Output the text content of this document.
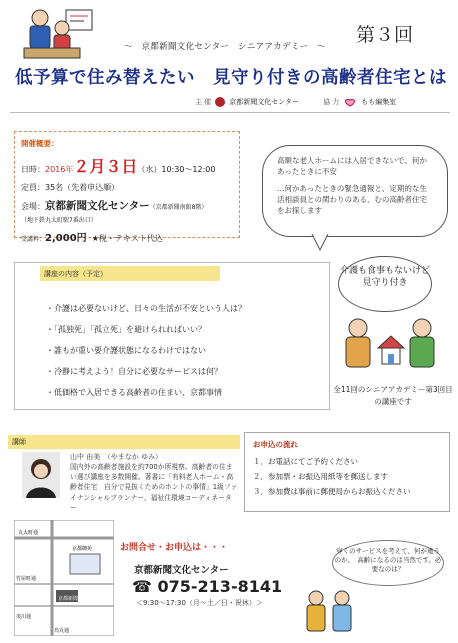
～　京都新聞文化センター　シニアアカデミー　～
第３回
低予算で住み替えたい　見守り付きの高齢者住宅とは
主 催	京都新聞文化センター	協 力	もも編集室
開催概要：
日時：2016年２月３日（水）10:30～12:00
定員：35名（先着申込順）
会場：京都新聞文化センター（京都新聞南館8階）
（地下鉄丸太町駅7番出口）
受講料：2,000円 ★税・テキスト代込

高額な老人ホームには入居できないで、何かあったときに不安

…何かあったときの緊急通報と、定期的な生活相談員との関わりのある、むの高齢者住宅をお探します

講座の内容（予定）
・介護は必要ないけど、日々の生活が不安という人は？
・「孤独死」「孤立死」を避けられればいい？
・誰もが重い要介護状態になるわけではない
・冷静に考えよう！自分に必要なサービスは何？
・低価格で入居できる高齢者の住まい、京都事情
介護も食事もないけど見守り付き
全11回のシニアアカデミー第3回目の講座です
講師
山中 由美　（やまなか ゆみ）
国内外の高齢者施設を約700か所視察。高齢者の住まい選び講座を多数開催。著書に「有料老人ホーム・高齢者住宅　自分で見抜くためのホントの事情」1級ファイナンシャルプランナー、福祉住環境コーディネーター
お申込の流れ
１．お電話にてご予約ください
２．参加票・お振込用紙等を郵送します
３．参加費は事前に郵便局からお振込ください
丸太町通
京都御苑
竹屋町通
夷川通
烏丸通
京都新聞社
お問合せ・お申込は・・・
京都新聞文化センター
☎ 075-213-8141
＜9:30～17:30（月～土／日・祝休）＞
穿くのサービスを考えて、何が違うのか。　高齢になるのは当然です。必要なのは？
